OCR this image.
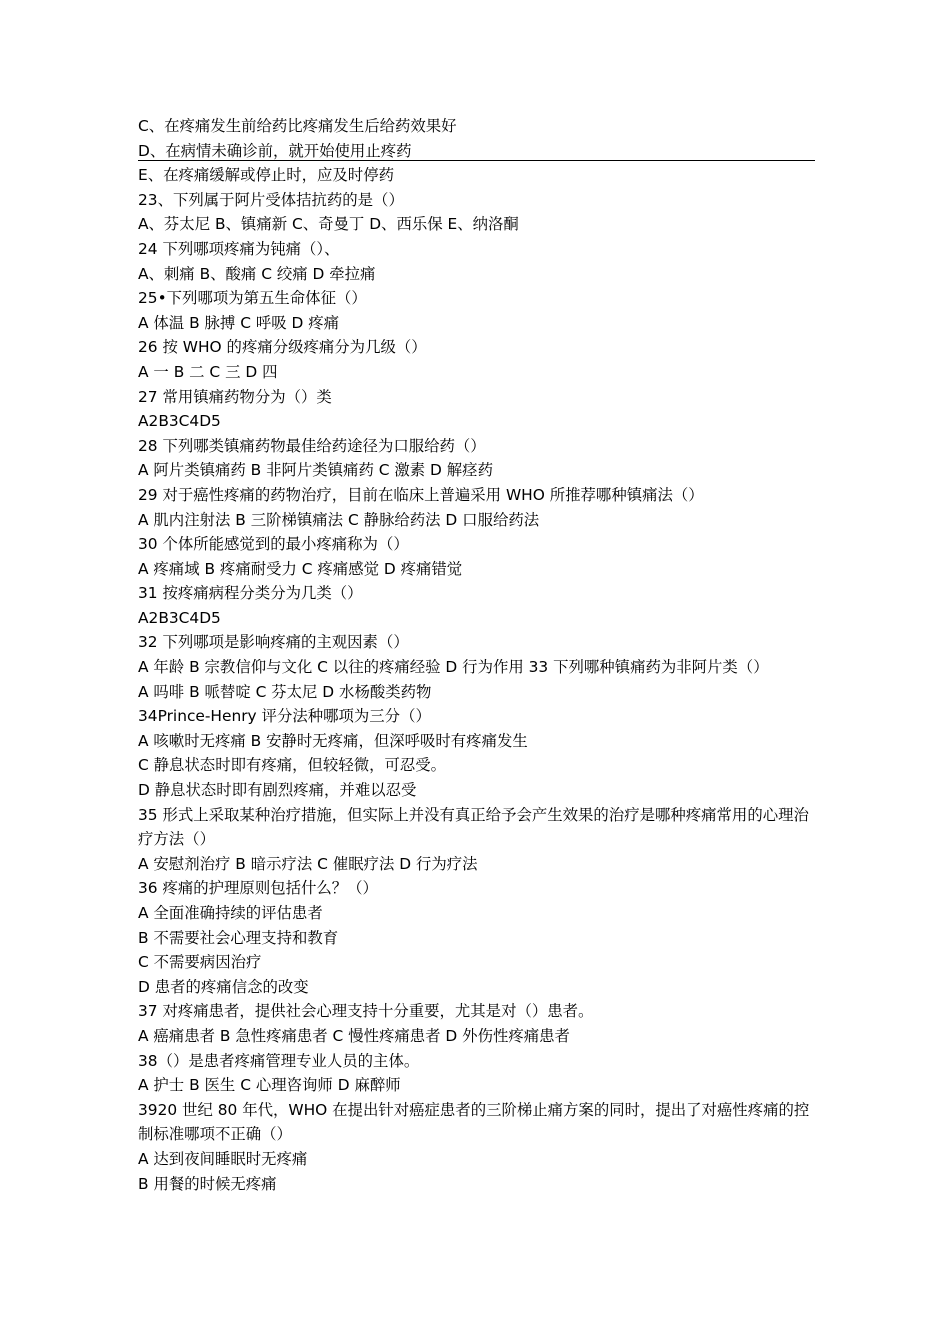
C、在疼痛发生前给药比疼痛发生后给药效果好
D、在病情未确诊前，就开始使用止疼药
E、在疼痛缓解或停止时，应及时停药
23、下列属于阿片受体拮抗药的是（）
A、芬太尼 B、镇痛新 C、奇曼丁 D、西乐保 E、纳洛酮
24 下列哪项疼痛为钝痛（）、
A、刺痛 B、酸痛 C 绞痛 D 牵拉痛
25•下列哪项为第五生命体征（）
A 体温 B 脉搏 C 呼吸 D 疼痛
26 按 WHO 的疼痛分级疼痛分为几级（）
A 一 B 二 C 三 D 四
27 常用镇痛药物分为（）类
A2B3C4D5
28 下列哪类镇痛药物最佳给药途径为口服给药（）
A 阿片类镇痛药 B 非阿片类镇痛药 C 激素 D 解痉药
29 对于癌性疼痛的药物治疗，目前在临床上普遍采用 WHO 所推荐哪种镇痛法（）
A 肌内注射法 B 三阶梯镇痛法 C 静脉给药法 D 口服给药法
30 个体所能感觉到的最小疼痛称为（）
A 疼痛域 B 疼痛耐受力 C 疼痛感觉 D 疼痛错觉
31 按疼痛病程分类分为几类（）
A2B3C4D5
32 下列哪项是影响疼痛的主观因素（）
A 年龄 B 宗教信仰与文化 C 以往的疼痛经验 D 行为作用 33 下列哪种镇痛药为非阿片类（）
A 吗啡 B 哌替啶 C 芬太尼 D 水杨酸类药物
34Prince-Henry 评分法种哪项为三分（）
A 咳嗽时无疼痛 B 安静时无疼痛，但深呼吸时有疼痛发生
C 静息状态时即有疼痛，但较轻微，可忍受。
D 静息状态时即有剧烈疼痛，并难以忍受
35 形式上采取某种治疗措施，但实际上并没有真正给予会产生效果的治疗是哪种疼痛常用的心理治疗方法（）
A 安慰剂治疗 B 暗示疗法 C 催眠疗法 D 行为疗法
36 疼痛的护理原则包括什么？（）
A 全面准确持续的评估患者
B 不需要社会心理支持和教育
C 不需要病因治疗
D 患者的疼痛信念的改变
37 对疼痛患者，提供社会心理支持十分重要，尤其是对（）患者。
A 癌痛患者 B 急性疼痛患者 C 慢性疼痛患者 D 外伤性疼痛患者
38（）是患者疼痛管理专业人员的主体。
A 护士 B 医生 C 心理咨询师 D 麻醉师
3920 世纪 80 年代，WHO 在提出针对癌症患者的三阶梯止痛方案的同时，提出了对癌性疼痛的控制标准哪项不正确（）
A 达到夜间睡眠时无疼痛
B 用餐的时候无疼痛
